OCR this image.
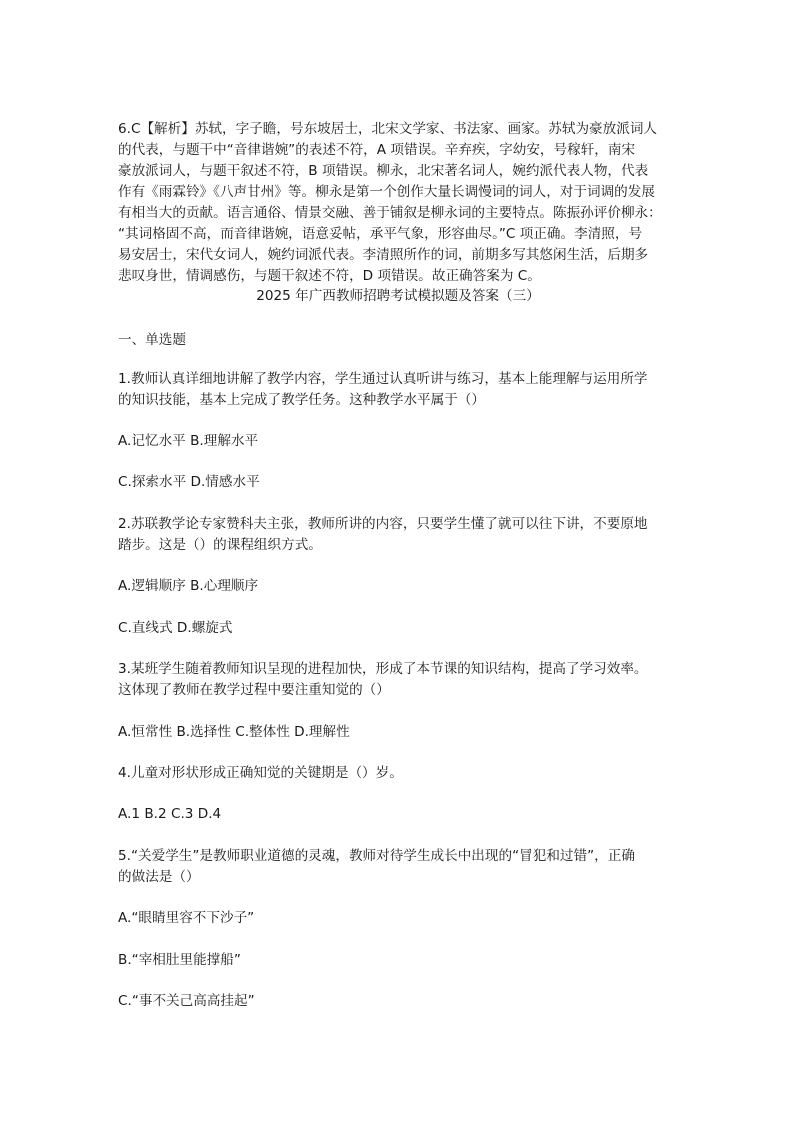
6.C【解析】苏轼，字子瞻，号东坡居士，北宋文学家、书法家、画家。苏轼为豪放派词人
的代表，与题干中“音律谐婉”的表述不符，A 项错误。辛弃疾，字幼安，号稼轩，南宋
豪放派词人，与题干叙述不符，B 项错误。柳永，北宋著名词人，婉约派代表人物，代表
作有《雨霖铃》《八声甘州》等。柳永是第一个创作大量长调慢词的词人，对于词调的发展
有相当大的贡献。语言通俗、情景交融、善于铺叙是柳永词的主要特点。陈振孙评价柳永：
“其词格固不高，而音律谐婉，语意妥帖，承平气象，形容曲尽。”C 项正确。李清照，号
易安居士，宋代女词人，婉约词派代表。李清照所作的词，前期多写其悠闲生活，后期多
悲叹身世，情调感伤，与题干叙述不符，D 项错误。故正确答案为 C。
2025 年广西教师招聘考试模拟题及答案（三）
一、单选题
1.教师认真详细地讲解了教学内容，学生通过认真听讲与练习，基本上能理解与运用所学
的知识技能，基本上完成了教学任务。这种教学水平属于（）
A.记忆水平 B.理解水平
C.探索水平 D.情感水平
2.苏联教学论专家赞科夫主张，教师所讲的内容，只要学生懂了就可以往下讲，不要原地
踏步。这是（）的课程组织方式。
A.逻辑顺序 B.心理顺序
C.直线式 D.螺旋式
3.某班学生随着教师知识呈现的进程加快，形成了本节课的知识结构，提高了学习效率。
这体现了教师在教学过程中要注重知觉的（）
A.恒常性 B.选择性 C.整体性 D.理解性
4.儿童对形状形成正确知觉的关键期是（）岁。
A.1 B.2 C.3 D.4
5.“关爱学生”是教师职业道德的灵魂，教师对待学生成长中出现的“冒犯和过错”，正确
的做法是（）
A.“眼睛里容不下沙子”
B.“宰相肚里能撑船”
C.“事不关己高高挂起”
